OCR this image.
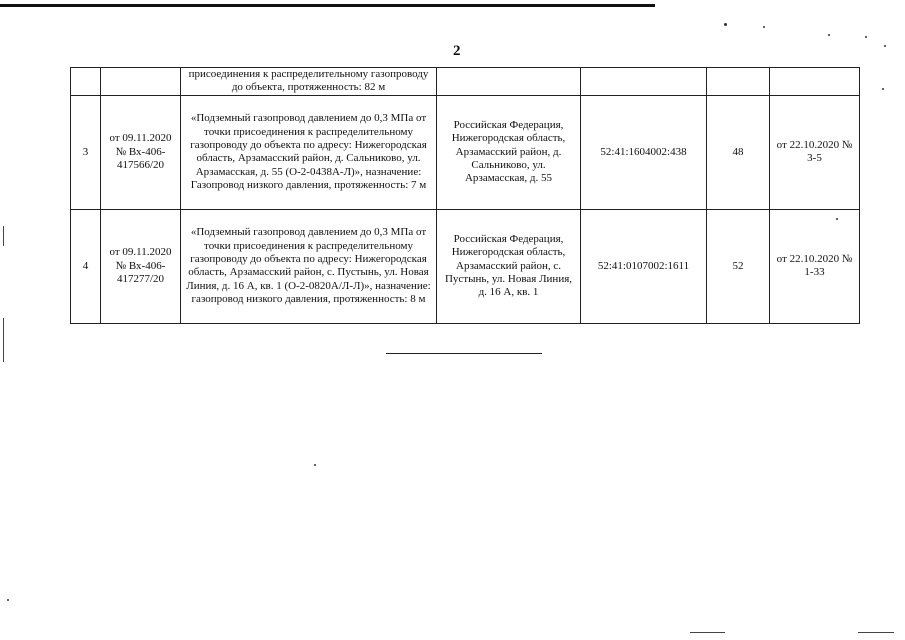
2
		присоединения к распределительному газопроводу до объекта, протяженность: 82 м				
3	от 09.11.2020 № Вх-406-417566/20	«Подземный газопровод давлением до 0,3 МПа от точки присоединения к распределительному газопроводу до объекта по адресу: Нижегородская область, Арзамасский район, д. Сальниково, ул. Арзамасская, д. 55 (О-2-0438А-Л)», назначение: Газопровод низкого давления, протяженность: 7 м	Российская Федерация, Нижегородская область, Арзамасский район, д. Сальниково, ул. Арзамасская, д. 55	52:41:1604002:438	48	от 22.10.2020 № 3-5
4	от 09.11.2020 № Вх-406-417277/20	«Подземный газопровод давлением до 0,3 МПа от точки присоединения к распределительному газопроводу до объекта по адресу: Нижегородская область, Арзамасский район, с. Пустынь, ул. Новая Линия, д. 16 А, кв. 1 (О-2-0820А/Л-Л)», назначение: газопровод низкого давления, протяженность: 8 м	Российская Федерация, Нижегородская область, Арзамасский район, с. Пустынь, ул. Новая Линия, д. 16 А, кв. 1	52:41:0107002:1611	52	от 22.10.2020 № 1-33
